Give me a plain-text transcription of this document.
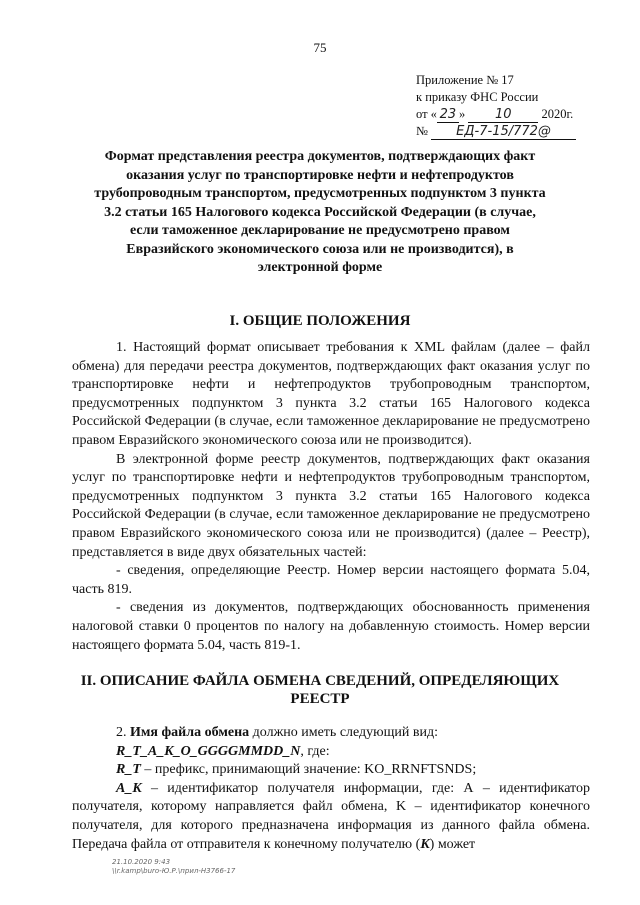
75
Приложение № 17
к приказу ФНС России
от « 23 » 10 2020г.
№ ЕД-7-15/772@
Формат представления реестра документов, подтверждающих факт оказания услуг по транспортировке нефти и нефтепродуктов трубопроводным транспортом, предусмотренных подпунктом 3 пункта 3.2 статьи 165 Налогового кодекса Российской Федерации (в случае, если таможенное декларирование не предусмотрено правом Евразийского экономического союза или не производится), в электронной форме
I. ОБЩИЕ ПОЛОЖЕНИЯ

1. Настоящий формат описывает требования к XML файлам (далее – файл обмена) для передачи реестра документов, подтверждающих факт оказания услуг по транспортировке нефти и нефтепродуктов трубопроводным транспортом, предусмотренных подпунктом 3 пункта 3.2 статьи 165 Налогового кодекса Российской Федерации (в случае, если таможенное декларирование не предусмотрено правом Евразийского экономического союза или не производится).

В электронной форме реестр документов, подтверждающих факт оказания услуг по транспортировке нефти и нефтепродуктов трубопроводным транспортом, предусмотренных подпунктом 3 пункта 3.2 статьи 165 Налогового кодекса Российской Федерации (в случае, если таможенное декларирование не предусмотрено правом Евразийского экономического союза или не производится) (далее – Реестр), представляется в виде двух обязательных частей:

- сведения, определяющие Реестр. Номер версии настоящего формата 5.04, часть 819.

- сведения из документов, подтверждающих обоснованность применения налоговой ставки 0 процентов по налогу на добавленную стоимость. Номер версии настоящего формата 5.04, часть 819-1.

II. ОПИСАНИЕ ФАЙЛА ОБМЕНА СВЕДЕНИЙ, ОПРЕДЕЛЯЮЩИХ РЕЕСТР

2. Имя файла обмена должно иметь следующий вид:

R_T_A_K_O_GGGGMMDD_N, где:

R_T – префикс, принимающий значение: KO_RRNFTSNDS;

A_K – идентификатор получателя информации, где: А – идентификатор получателя, которому направляется файл обмена, K – идентификатор конечного получателя, для которого предназначена информация из данного файла обмена. Передача файла от отправителя к конечному получателю (K) может

21.10.2020 9:43
\\r.kamp\buro-Ю.Р.\прил-Н3766-17
